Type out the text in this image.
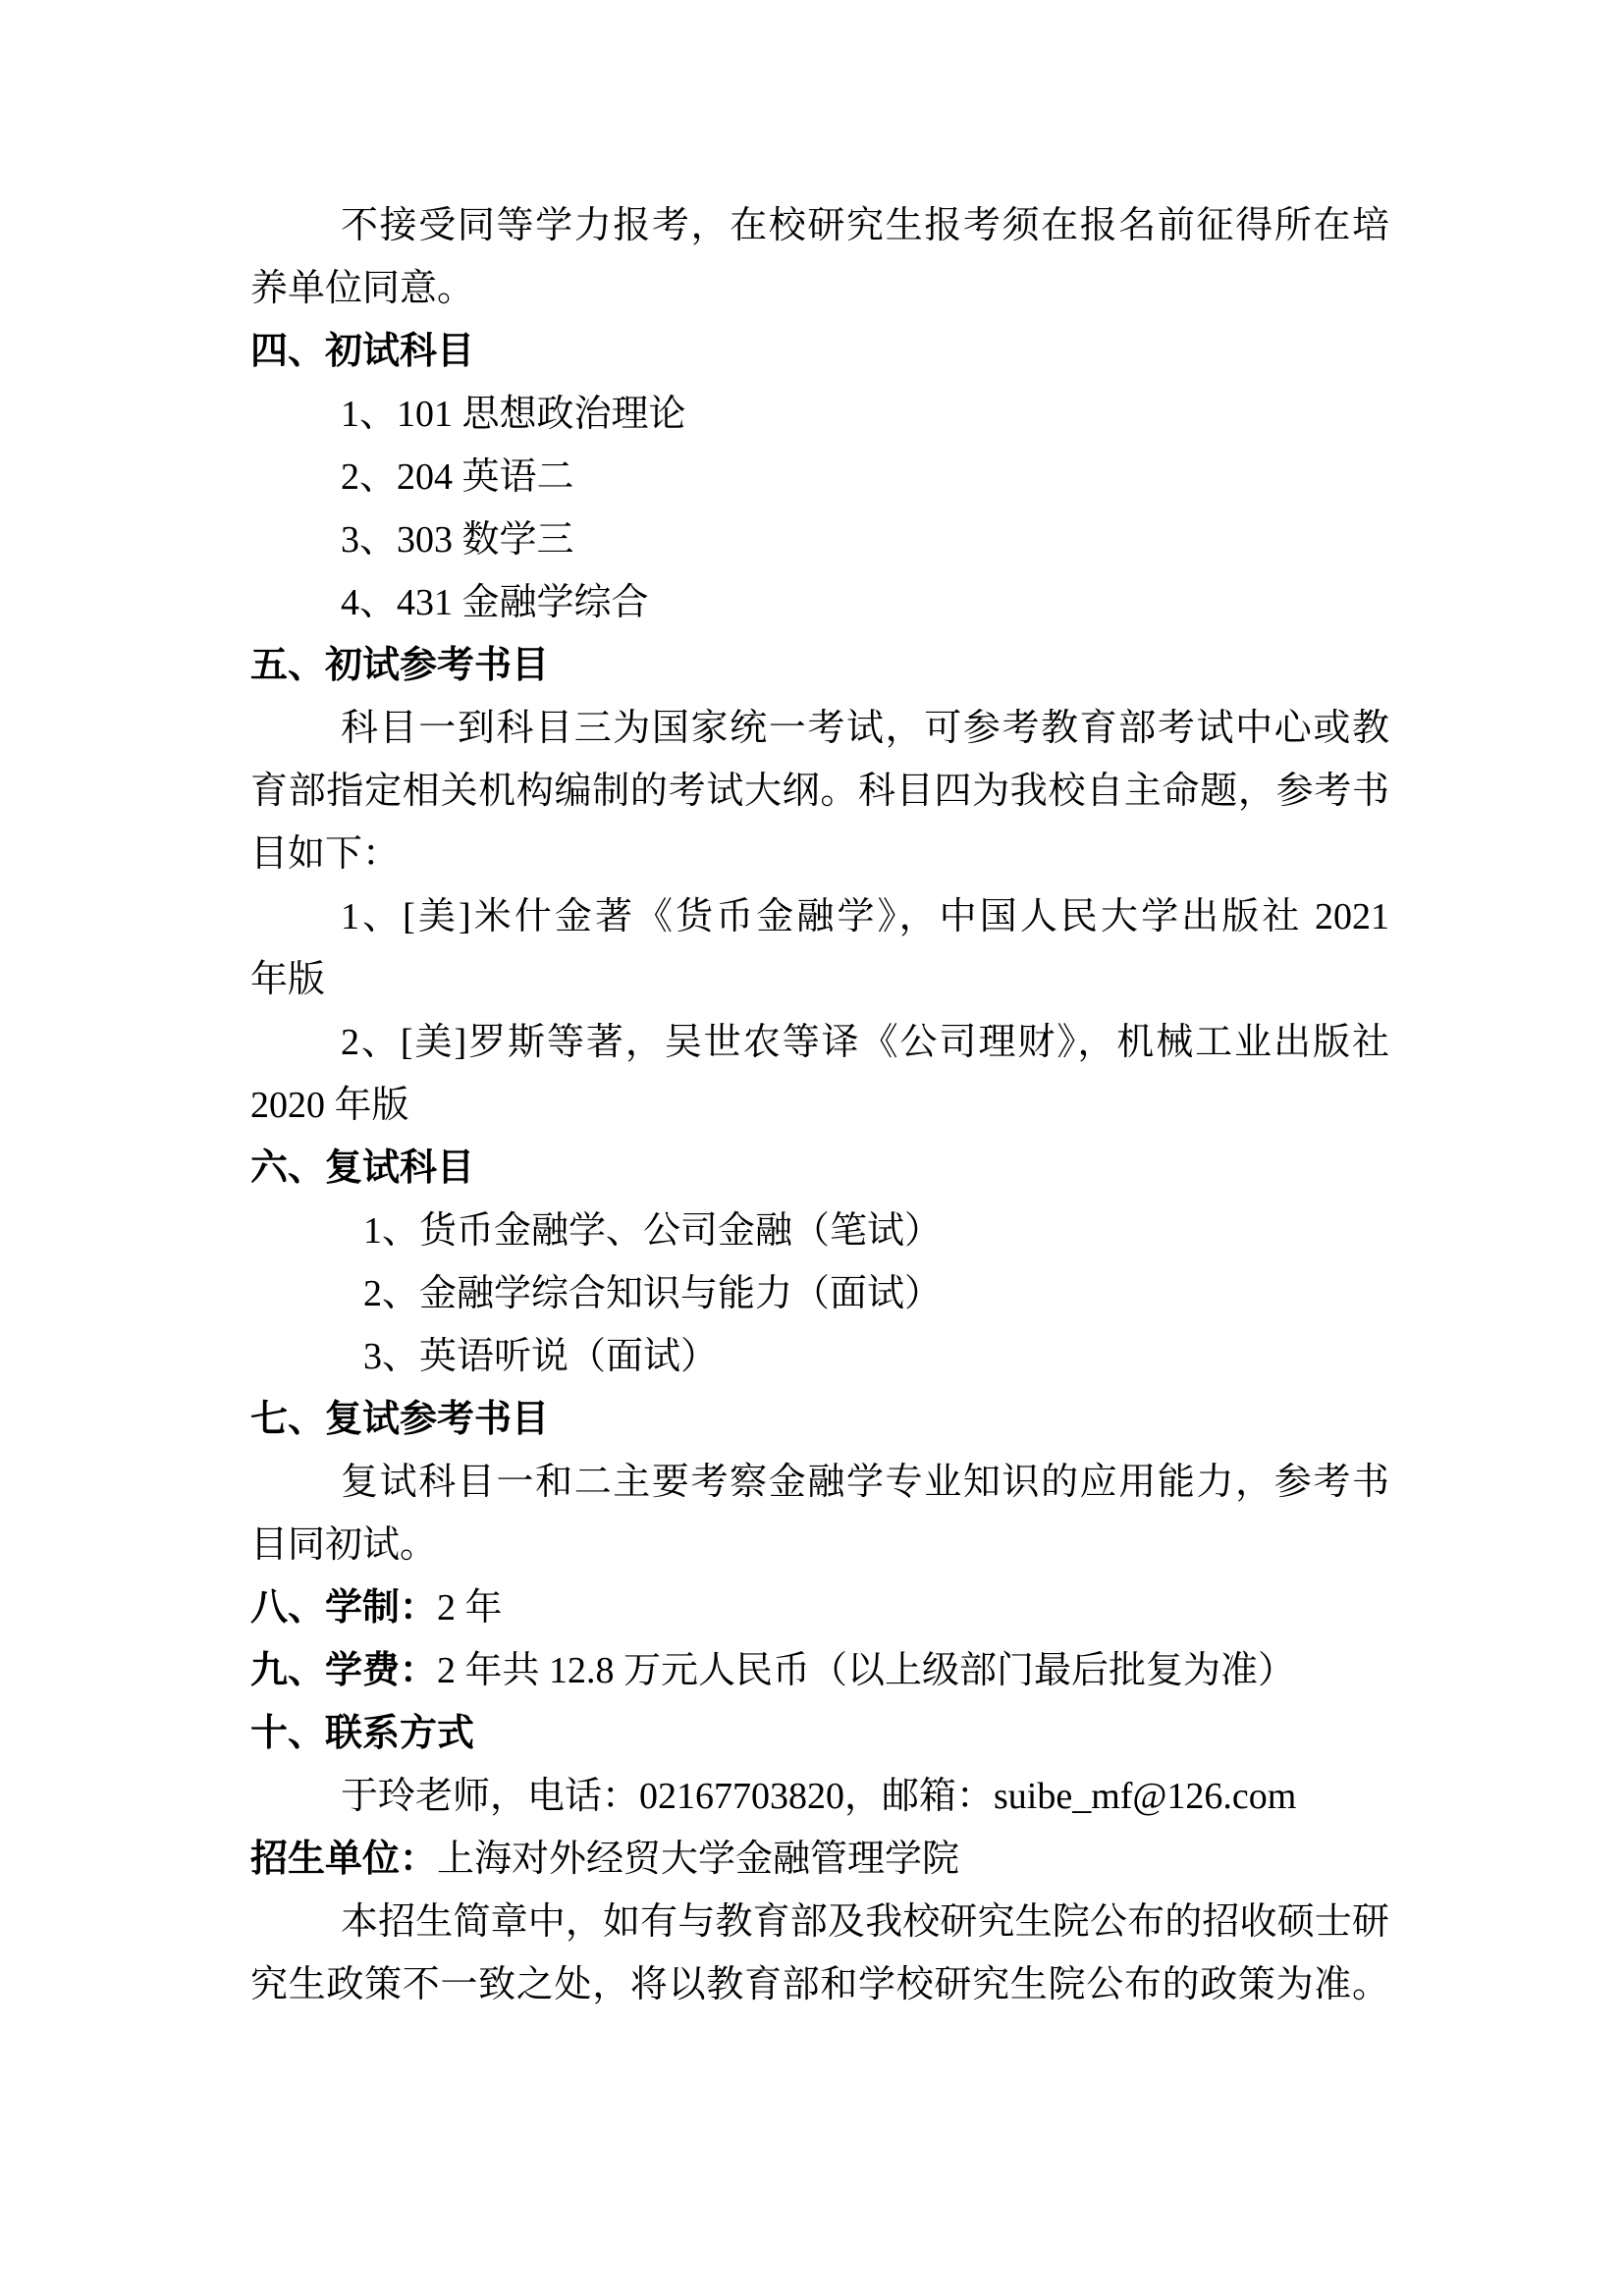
不接受同等学力报考，在校研究生报考须在报名前征得所在培
养单位同意。
四、初试科目
1、101 思想政治理论
2、204 英语二
3、303 数学三
4、431 金融学综合
五、初试参考书目
科目一到科目三为国家统一考试，可参考教育部考试中心或教
育部指定相关机构编制的考试大纲。科目四为我校自主命题，参考书
目如下：
1、[美]米什金著《货币金融学》，中国人民大学出版社 2021
年版
2、[美]罗斯等著，吴世农等译《公司理财》，机械工业出版社
2020 年版
六、复试科目
1、货币金融学、公司金融（笔试）
2、金融学综合知识与能力（面试）
3、英语听说（面试）
七、复试参考书目
复试科目一和二主要考察金融学专业知识的应用能力，参考书
目同初试。
八、学制：2 年
九、学费：2 年共 12.8 万元人民币（以上级部门最后批复为准）
十、联系方式
于玲老师，电话：02167703820，邮箱：suibe_mf@126.com
招生单位：上海对外经贸大学金融管理学院
本招生简章中，如有与教育部及我校研究生院公布的招收硕士研
究生政策不一致之处，将以教育部和学校研究生院公布的政策为准。
